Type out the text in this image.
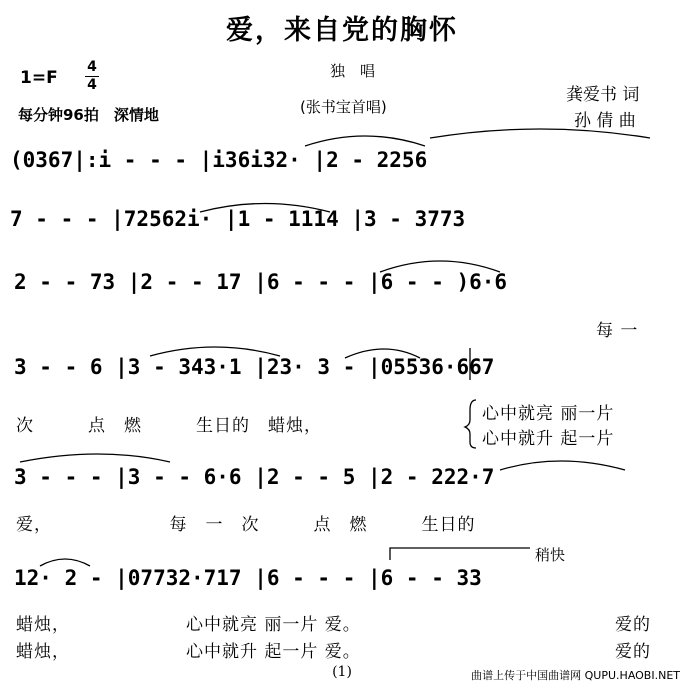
爱，来自党的胸怀
1=F
4
4
独　唱
(张书宝首唱)
每分钟96拍　深情地
龚爱书 词
孙 倩 曲
(0367|:i - - - |i36i32· |2 - 2256
7 - - - |72562i· |1 - 1114 |3 - 3773
2 - - 73 |2 - - 17 |6 - - - |6 - - )6·6
3 - - 6 |3 - 343·1 |23· 3 - |05536·667
3 - - - |3 - - 6·6 |2 - - 5 |2 - 222·7
12· 2 - |07732·717 |6 - - - |6 - - 33
稍快
每 一
次　　　点　燃　　　生日的　蜡烛，
心中就亮 丽一片
心中就升 起一片
爱，　　　　　　　每　一　次　　　点　燃　　　生日的
蜡烛，	心中就亮 丽一片 爱。	爱的
蜡烛，	心中就升 起一片 爱。	爱的
(1)	曲谱上传于中国曲谱网 QUPU.HAOBI.NET
